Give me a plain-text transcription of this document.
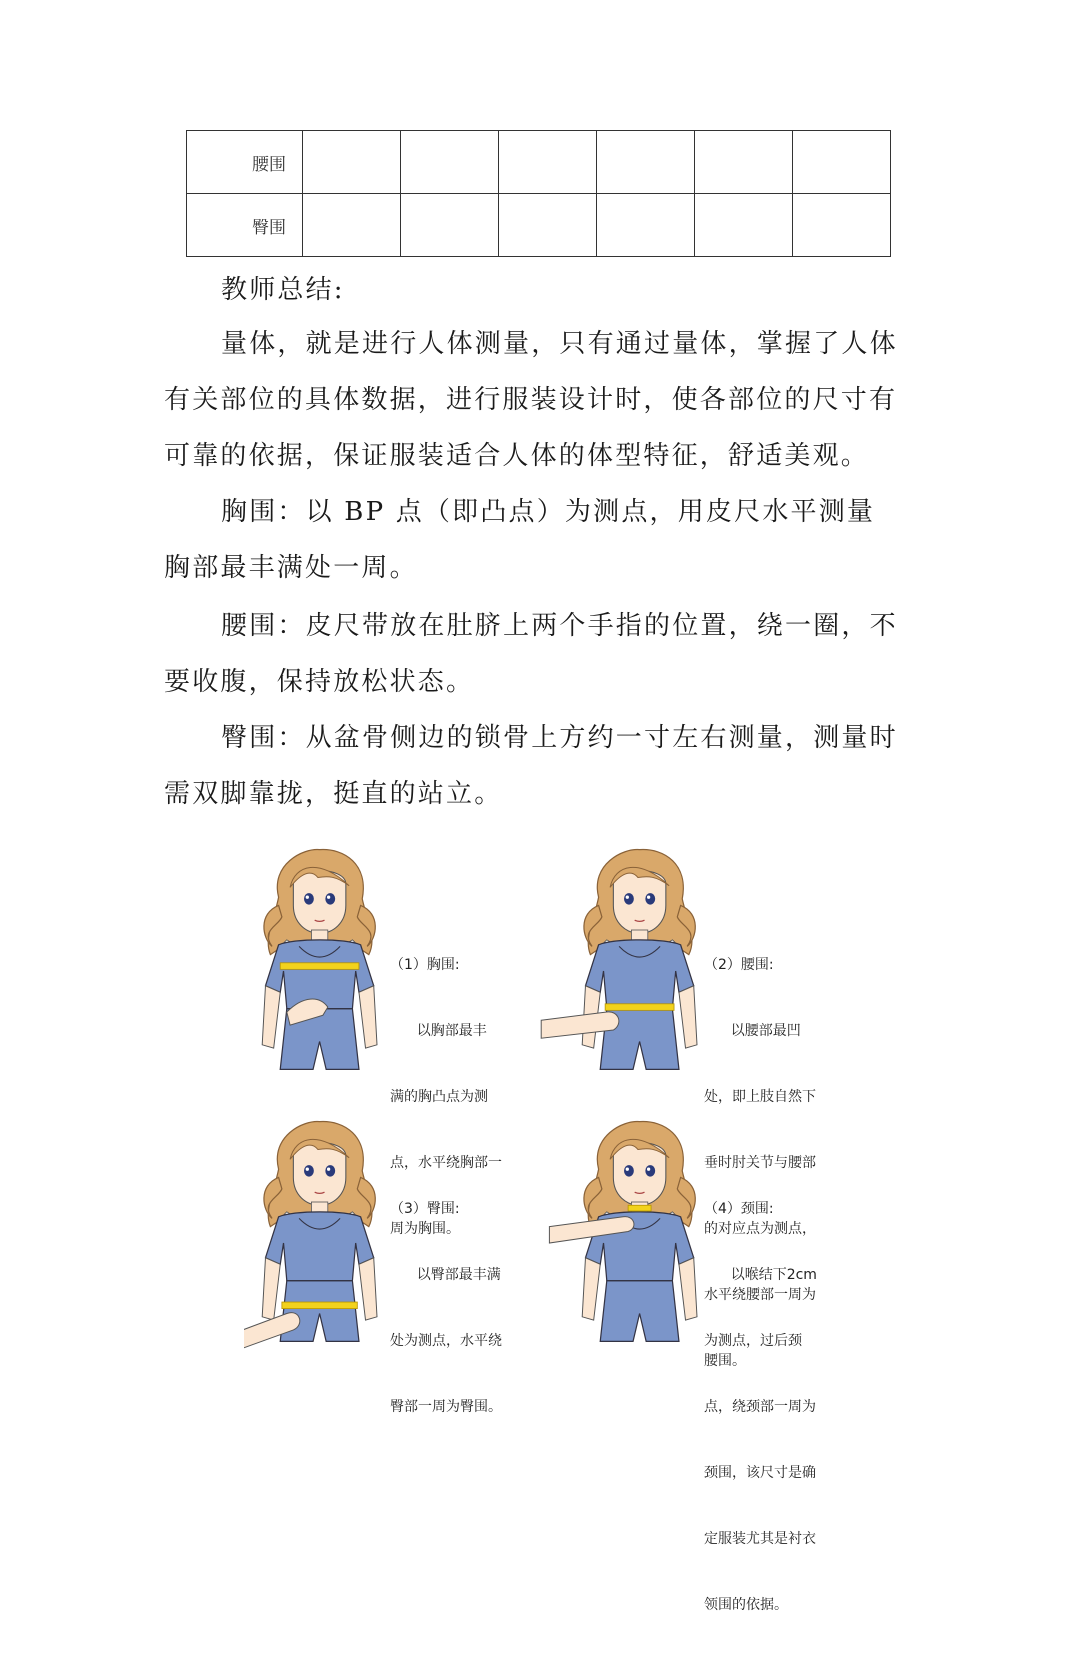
腰围						
臀围						
教师总结:
量体，就是进行人体测量，只有通过量体，掌握了人体
有关部位的具体数据，进行服装设计时，使各部位的尺寸有
可靠的依据，保证服装适合人体的体型特征，舒适美观。
胸围：以 BP 点（即凸点）为测点，用皮尺水平测量
胸部最丰满处一周。
腰围：皮尺带放在肚脐上两个手指的位置，绕一圈，不
要收腹，保持放松状态。
臀围：从盆骨侧边的锁骨上方约一寸左右测量，测量时
需双脚靠拢，挺直的站立。

（1）胸围:

以胸部最丰

满的胸凸点为测

点，水平绕胸部一

周为胸围。

（2）腰围:

以腰部最凹

处，即上肢自然下

垂时肘关节与腰部

的对应点为测点，

水平绕腰部一周为

腰围。

（3）臀围:

以臀部最丰满

处为测点，水平绕

臀部一周为臀围。

（4）颈围:

以喉结下2cm

为测点，过后颈

点，绕颈部一周为

颈围，该尺寸是确

定服装尤其是衬衣

领围的依据。
